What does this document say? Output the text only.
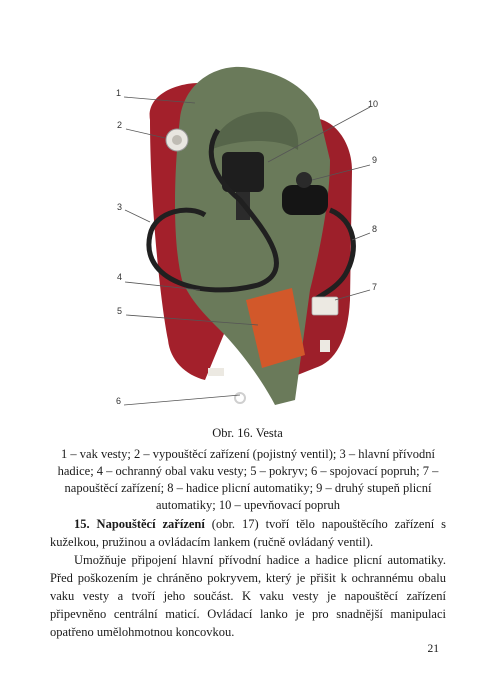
1
2
3
4
5
6
7
8
9
10
Obr. 16. Vesta
1 – vak vesty; 2 – vypouštěcí zařízení (pojistný ventil); 3 – hlavní přívodní hadice; 4 – ochranný obal vaku vesty; 5 – pokryv; 6 – spojovací popruh; 7 – napouštěcí zařízení; 8 – hadice plicní automatiky; 9 – druhý stupeň plicní automatiky; 10 – upevňovací popruh

15. Napouštěcí zařízení (obr. 17) tvoří tělo napouštěcího zařízení s kuželkou, pružinou a ovládacím lankem (ručně ovládaný ventil).

Umožňuje připojení hlavní přívodní hadice a hadice plicní automatiky. Před poškozením je chráněno pokryvem, který je přišit k ochrannému obalu vaku vesty a tvoří jeho součást. K vaku vesty je napouštěcí zařízení připevněno centrální maticí. Ovládací lanko je pro snadnější manipulaci opatřeno umělohmotnou koncovkou.

21
